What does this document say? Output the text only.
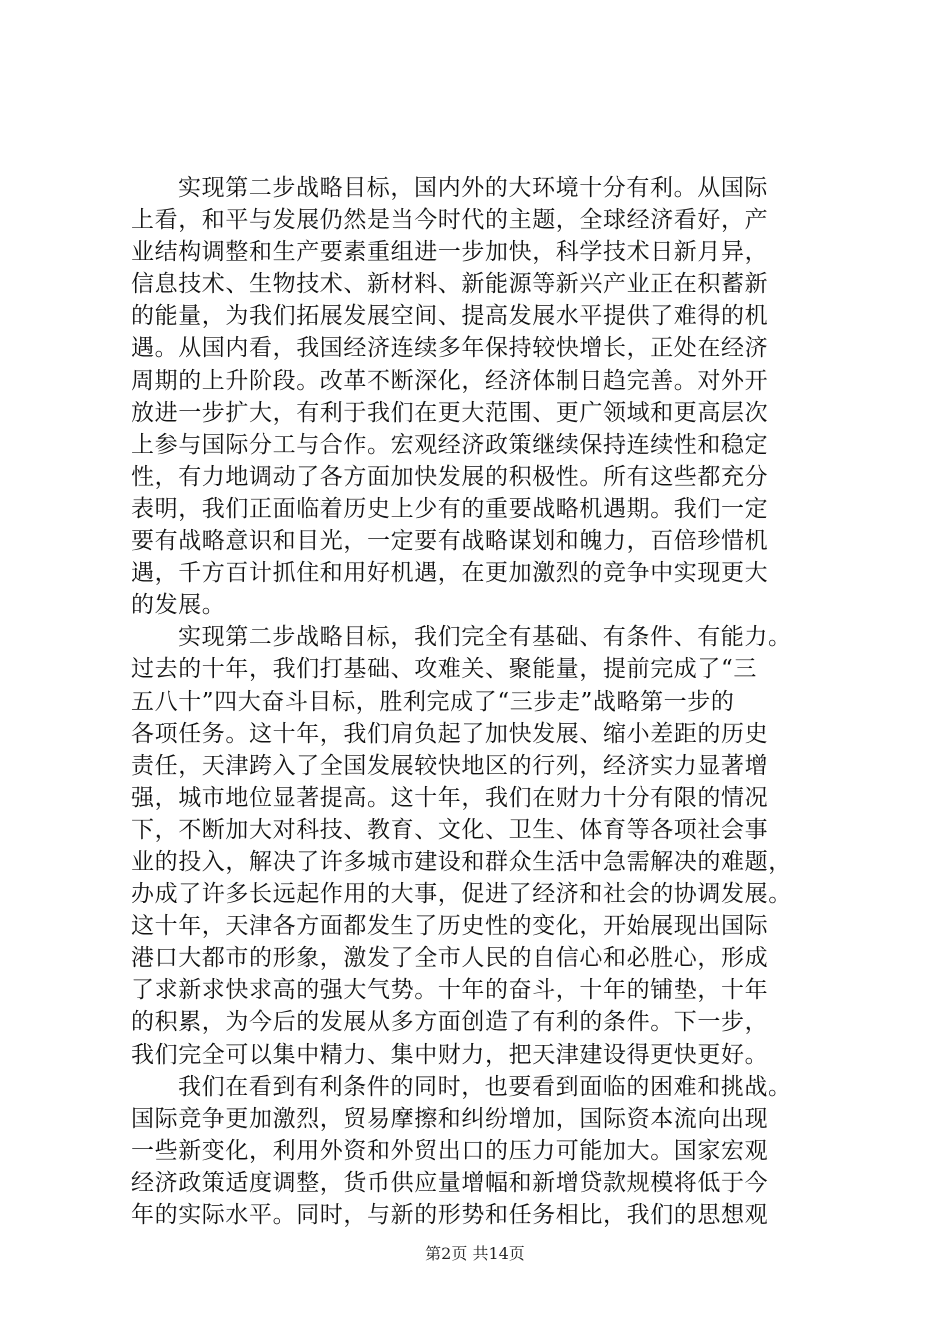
实现第二步战略目标，国内外的大环境十分有利。从国际
上看，和平与发展仍然是当今时代的主题，全球经济看好，产
业结构调整和生产要素重组进一步加快，科学技术日新月异，
信息技术、生物技术、新材料、新能源等新兴产业正在积蓄新
的能量，为我们拓展发展空间、提高发展水平提供了难得的机
遇。从国内看，我国经济连续多年保持较快增长，正处在经济
周期的上升阶段。改革不断深化，经济体制日趋完善。对外开
放进一步扩大，有利于我们在更大范围、更广领域和更高层次
上参与国际分工与合作。宏观经济政策继续保持连续性和稳定
性，有力地调动了各方面加快发展的积极性。所有这些都充分
表明，我们正面临着历史上少有的重要战略机遇期。我们一定
要有战略意识和目光，一定要有战略谋划和魄力，百倍珍惜机
遇，千方百计抓住和用好机遇，在更加激烈的竞争中实现更大
的发展。

实现第二步战略目标，我们完全有基础、有条件、有能力。
过去的十年，我们打基础、攻难关、聚能量，提前完成了“三
五八十”四大奋斗目标，胜利完成了“三步走”战略第一步的
各项任务。这十年，我们肩负起了加快发展、缩小差距的历史
责任，天津跨入了全国发展较快地区的行列，经济实力显著增
强，城市地位显著提高。这十年，我们在财力十分有限的情况
下，不断加大对科技、教育、文化、卫生、体育等各项社会事
业的投入，解决了许多城市建设和群众生活中急需解决的难题，
办成了许多长远起作用的大事，促进了经济和社会的协调发展。
这十年，天津各方面都发生了历史性的变化，开始展现出国际
港口大都市的形象，激发了全市人民的自信心和必胜心，形成
了求新求快求高的强大气势。十年的奋斗，十年的铺垫，十年
的积累，为今后的发展从多方面创造了有利的条件。下一步，
我们完全可以集中精力、集中财力，把天津建设得更快更好。

我们在看到有利条件的同时，也要看到面临的困难和挑战。
国际竞争更加激烈，贸易摩擦和纠纷增加，国际资本流向出现
一些新变化，利用外资和外贸出口的压力可能加大。国家宏观
经济政策适度调整，货币供应量增幅和新增贷款规模将低于今
年的实际水平。同时，与新的形势和任务相比，我们的思想观

第2页 共14页
